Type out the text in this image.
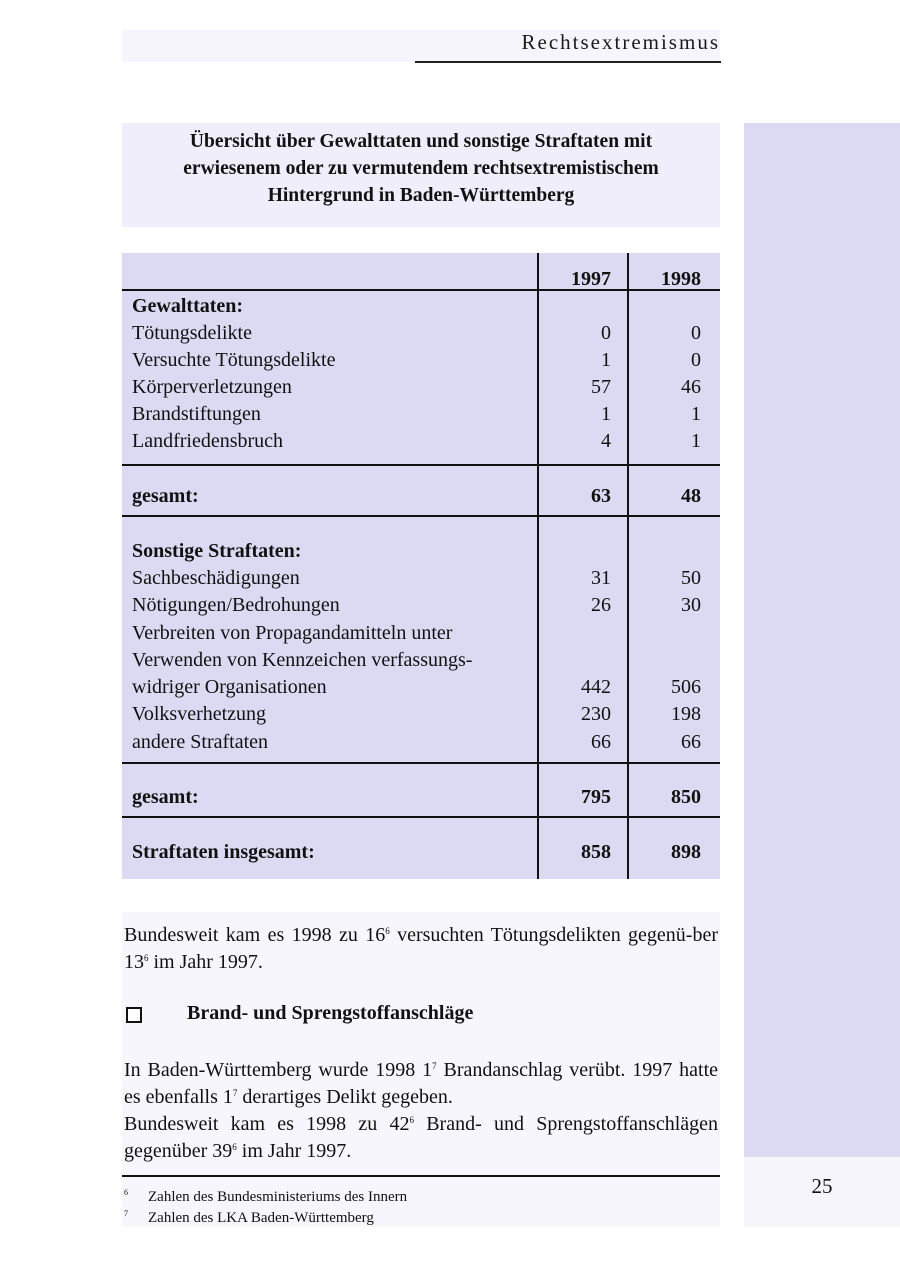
Rechtsextremismus
25
Übersicht über Gewalttaten und sonstige Straftaten mit
erwiesenem oder zu vermutendem rechtsextremistischem
Hintergrund in Baden-Württemberg
1997	1998
Gewalttaten:
Tötungsdelikte	0	0
Versuchte Tötungsdelikte	1	0
Körperverletzungen	57	46
Brandstiftungen	1	1
Landfriedensbruch	4	1
gesamt:	63	48
Sonstige Straftaten:
Sachbeschädigungen	31	50
Nötigungen/Bedrohungen	26	30
Verbreiten von Propagandamitteln unter
Verwenden von Kennzeichen verfassungs-
widriger Organisationen	442	506
Volksverhetzung	230	198
andere Straftaten	66	66
gesamt:	795	850
Straftaten insgesamt:	858	898
Bundesweit kam es 1998 zu $16^6$ versuchten Tötungsdelikten gegenü-ber $13^6$ im Jahr 1997.
Brand- und Sprengstoffanschläge
In Baden-Württemberg wurde 1998 $1^7$ Brandanschlag verübt. 1997 hatte es ebenfalls $1^7$ derartiges Delikt gegeben.
Bundesweit kam es 1998 zu $42^6$ Brand- und Sprengstoffanschlägen gegenüber $39^6$ im Jahr 1997.
6 Zahlen des Bundesministeriums des Innern
7 Zahlen des LKA Baden-Württemberg
